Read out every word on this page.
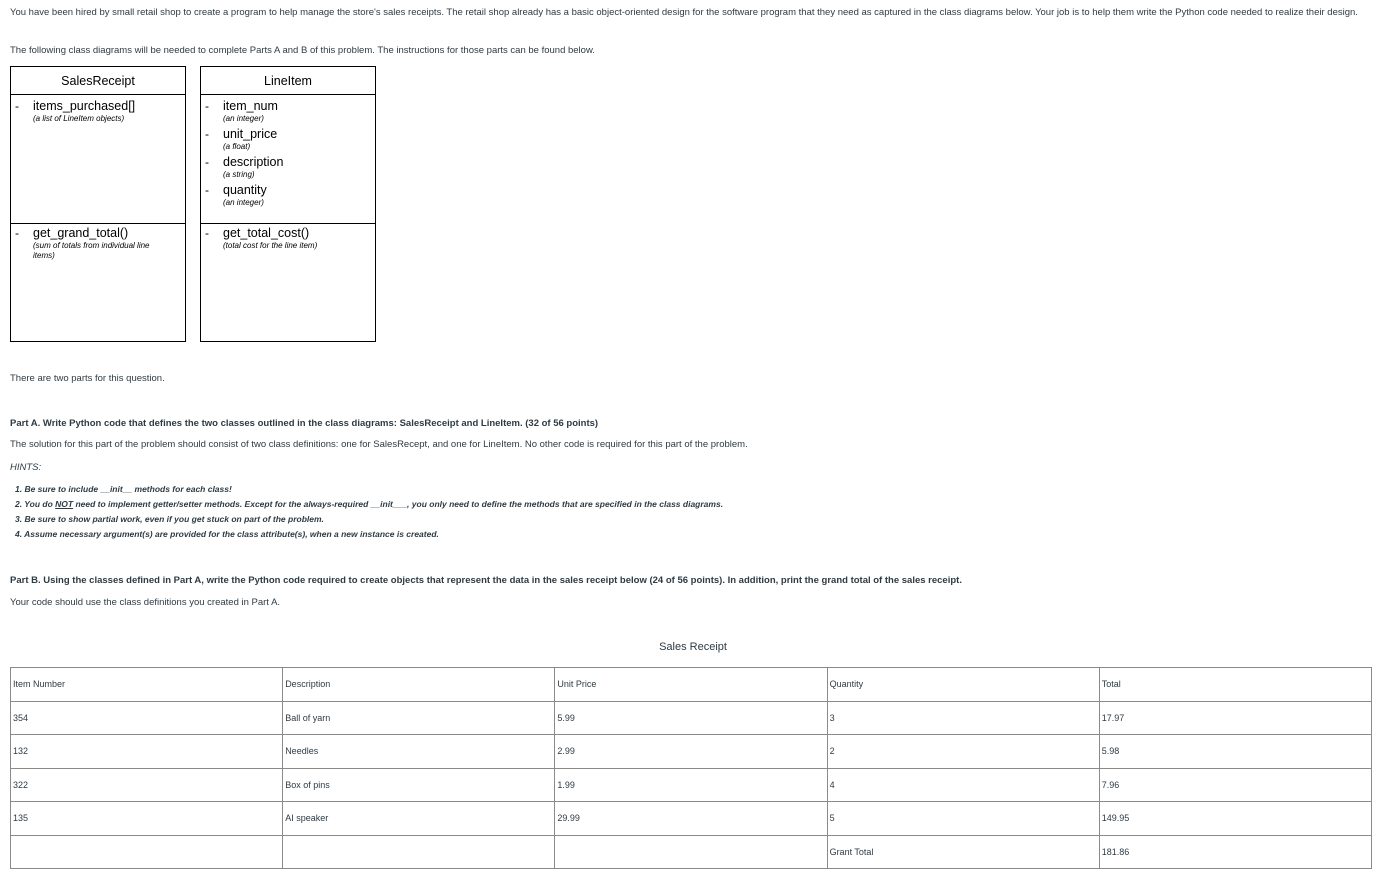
You have been hired by small retail shop to create a program to help manage the store's sales receipts. The retail shop already has a basic object-oriented design for the software program that they need as captured in the class diagrams below. Your job is to help them write the Python code needed to realize their design.

The following class diagrams will be needed to complete Parts A and B of this problem. The instructions for those parts can be found below.

SalesReceipt
- items_purchased[]
(a list of LineItem objects)
- get_grand_total()
(sum of totals from individual line items)
LineItem
- item_num
(an integer)
- unit_price
(a float)
- description
(a string)
- quantity
(an integer)
- get_total_cost()
(total cost for the line item)

There are two parts for this question.

Part A. Write Python code that defines the two classes outlined in the class diagrams: SalesReceipt and LineItem. (32 of 56 points)

The solution for this part of the problem should consist of two class definitions: one for SalesRecept, and one for LineItem. No other code is required for this part of the problem.

HINTS:

1. Be sure to include __init__ methods for each class!
2. You do NOT need to implement getter/setter methods. Except for the always-required __init___, you only need to define the methods that are specified in the class diagrams.
3. Be sure to show partial work, even if you get stuck on part of the problem.
4. Assume necessary argument(s) are provided for the class attribute(s), when a new instance is created.

Part B. Using the classes defined in Part A, write the Python code required to create objects that represent the data in the sales receipt below (24 of 56 points). In addition, print the grand total of the sales receipt.

Your code should use the class definitions you created in Part A.

Sales Receipt
Item Number	Description	Unit Price	Quantity	Total
354	Ball of yarn	5.99	3	17.97
132	Needles	2.99	2	5.98
322	Box of pins	1.99	4	7.96
135	AI speaker	29.99	5	149.95
			Grant Total	181.86
